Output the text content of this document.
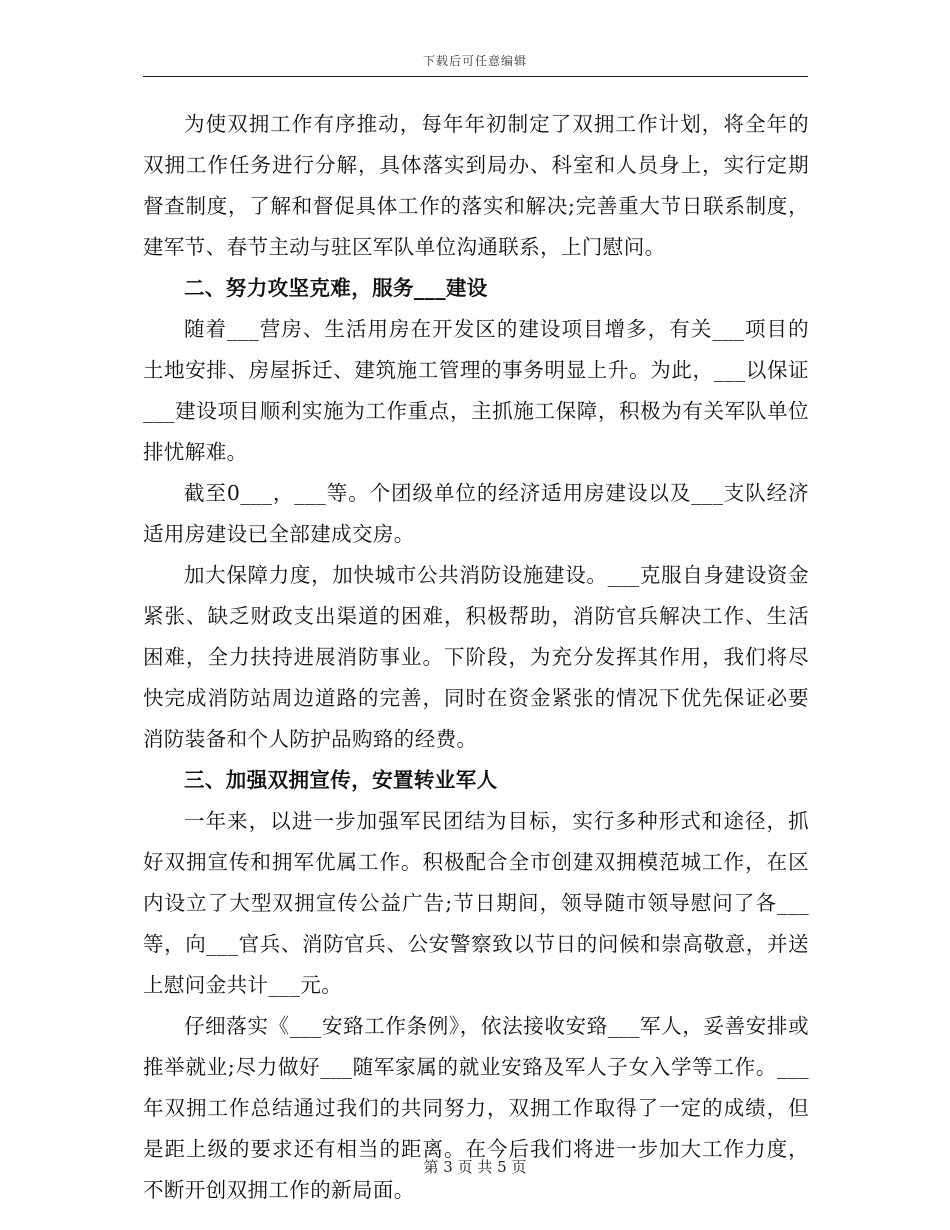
下载后可任意编辑

为使双拥工作有序推动，每年年初制定了双拥工作计划，将全年的双拥工作任务进行分解，具体落实到局办、科室和人员身上，实行定期督查制度，了解和督促具体工作的落实和解决;完善重大节日联系制度，建军节、春节主动与驻区军队单位沟通联系，上门慰问。

二、努力攻坚克难，服务___建设

随着___营房、生活用房在开发区的建设项目增多，有关___项目的土地安排、房屋拆迁、建筑施工管理的事务明显上升。为此，___以保证___建设项目顺利实施为工作重点，主抓施工保障，积极为有关军队单位排忧解难。

截至0___，___等。个团级单位的经济适用房建设以及___支队经济适用房建设已全部建成交房。

加大保障力度，加快城市公共消防设施建设。___克服自身建设资金紧张、缺乏财政支出渠道的困难，积极帮助，消防官兵解决工作、生活困难，全力扶持进展消防事业。下阶段，为充分发挥其作用，我们将尽快完成消防站周边道路的完善，同时在资金紧张的情况下优先保证必要消防装备和个人防护品购臵的经费。

三、加强双拥宣传，安置转业军人

一年来，以进一步加强军民团结为目标，实行多种形式和途径，抓好双拥宣传和拥军优属工作。积极配合全市创建双拥模范城工作，在区内设立了大型双拥宣传公益广告;节日期间，领导随市领导慰问了各___等，向___官兵、消防官兵、公安警察致以节日的问候和崇高敬意，并送上慰问金共计___元。

仔细落实《___安臵工作条例》，依法接收安臵___军人，妥善安排或推举就业;尽力做好___随军家属的就业安臵及军人子女入学等工作。___年双拥工作总结通过我们的共同努力，双拥工作取得了一定的成绩，但是距上级的要求还有相当的距离。在今后我们将进一步加大工作力度，不断开创双拥工作的新局面。

第 3 页 共 5 页
